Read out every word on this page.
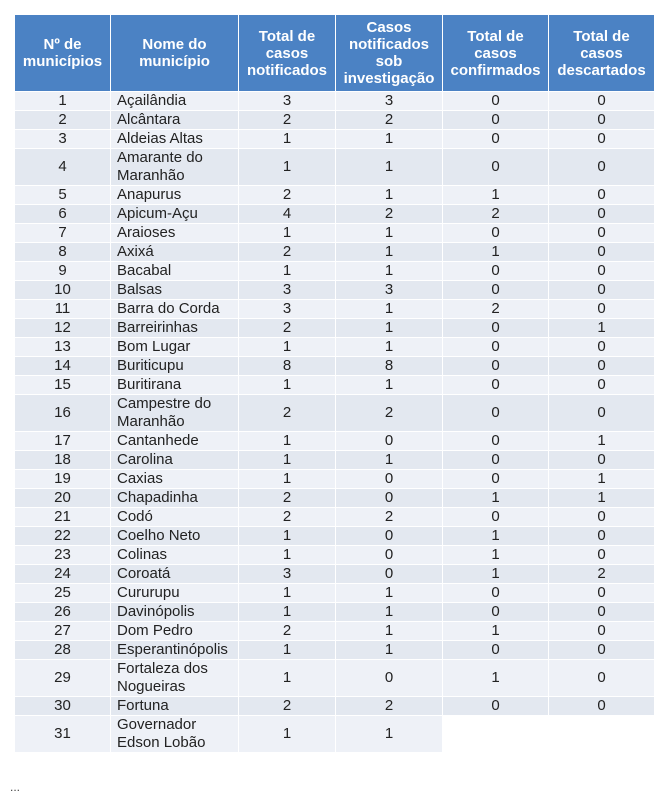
Nº de municípios	Nome do município	Total de casos notificados	Casos notificados sob investigação	Total de casos confirmados	Total de casos descartados
1	Açailândia	3	3	0	0
2	Alcântara	2	2	0	0
3	Aldeias Altas	1	1	0	0
4	Amarante do Maranhão	1	1	0	0
5	Anapurus	2	1	1	0
6	Apicum-Açu	4	2	2	0
7	Araioses	1	1	0	0
8	Axixá	2	1	1	0
9	Bacabal	1	1	0	0
10	Balsas	3	3	0	0
11	Barra do Corda	3	1	2	0
12	Barreirinhas	2	1	0	1
13	Bom Lugar	1	1	0	0
14	Buriticupu	8	8	0	0
15	Buritirana	1	1	0	0
16	Campestre do Maranhão	2	2	0	0
17	Cantanhede	1	0	0	1
18	Carolina	1	1	0	0
19	Caxias	1	0	0	1
20	Chapadinha	2	0	1	1
21	Codó	2	2	0	0
22	Coelho Neto	1	0	1	0
23	Colinas	1	0	1	0
24	Coroatá	3	0	1	2
25	Cururupu	1	1	0	0
26	Davinópolis	1	1	0	0
27	Dom Pedro	2	1	1	0
28	Esperantinópolis	1	1	0	0
29	Fortaleza dos Nogueiras	1	0	1	0
30	Fortuna	2	2	0	0
31	Governador Edson Lobão	1	1		
...
